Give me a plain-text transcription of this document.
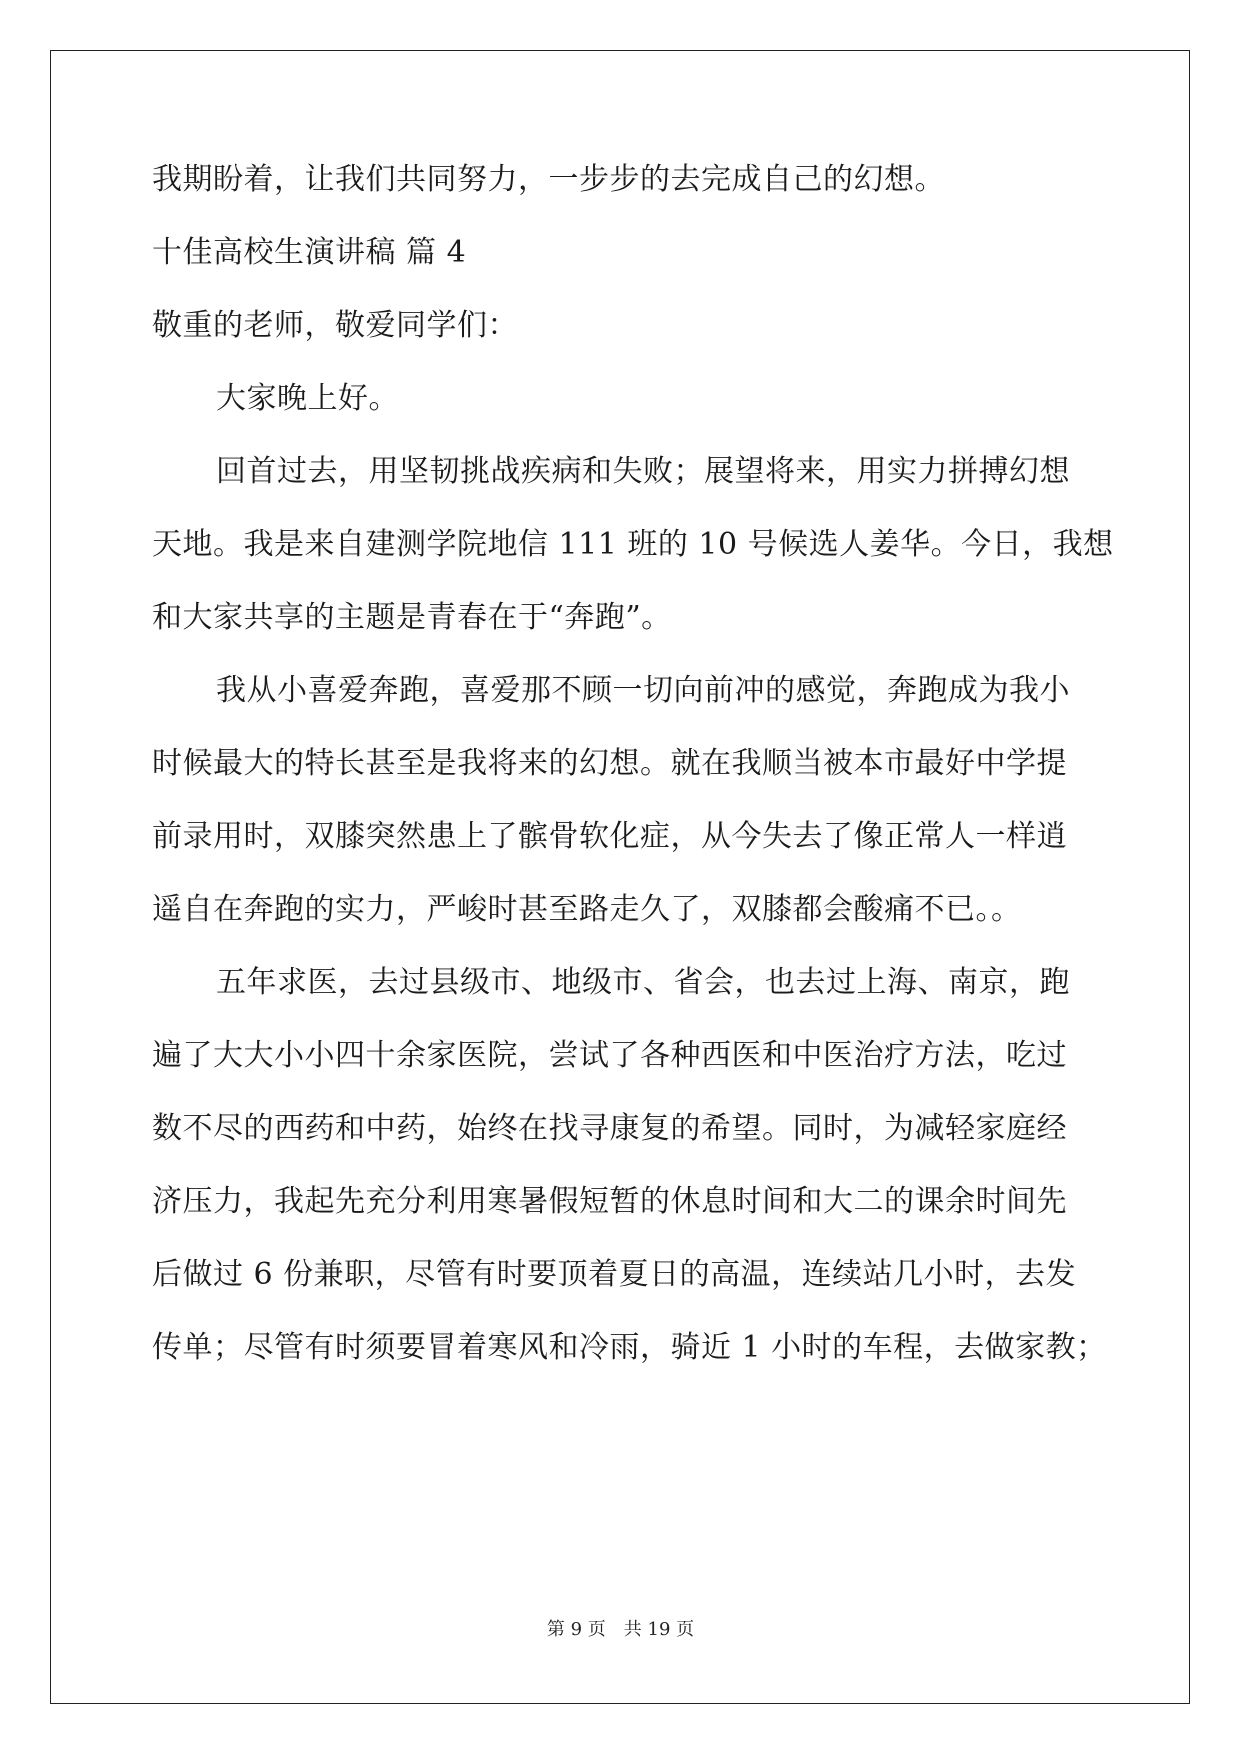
我期盼着，让我们共同努力，一步步的去完成自己的幻想。
十佳高校生演讲稿 篇 4
敬重的老师，敬爱同学们：
大家晚上好。
回首过去，用坚韧挑战疾病和失败；展望将来，用实力拼搏幻想
天地。我是来自建测学院地信 111 班的 10 号候选人姜华。今日，我想
和大家共享的主题是青春在于“奔跑”。
我从小喜爱奔跑，喜爱那不顾一切向前冲的感觉，奔跑成为我小
时候最大的特长甚至是我将来的幻想。就在我顺当被本市最好中学提
前录用时，双膝突然患上了髌骨软化症，从今失去了像正常人一样逍
遥自在奔跑的实力，严峻时甚至路走久了，双膝都会酸痛不已。。
五年求医，去过县级市、地级市、省会，也去过上海、南京，跑
遍了大大小小四十余家医院，尝试了各种西医和中医治疗方法，吃过
数不尽的西药和中药，始终在找寻康复的希望。同时，为减轻家庭经
济压力，我起先充分利用寒暑假短暂的休息时间和大二的课余时间先
后做过 6 份兼职，尽管有时要顶着夏日的高温，连续站几小时，去发
传单；尽管有时须要冒着寒风和冷雨，骑近 1 小时的车程，去做家教；
第 9 页 共 19 页
